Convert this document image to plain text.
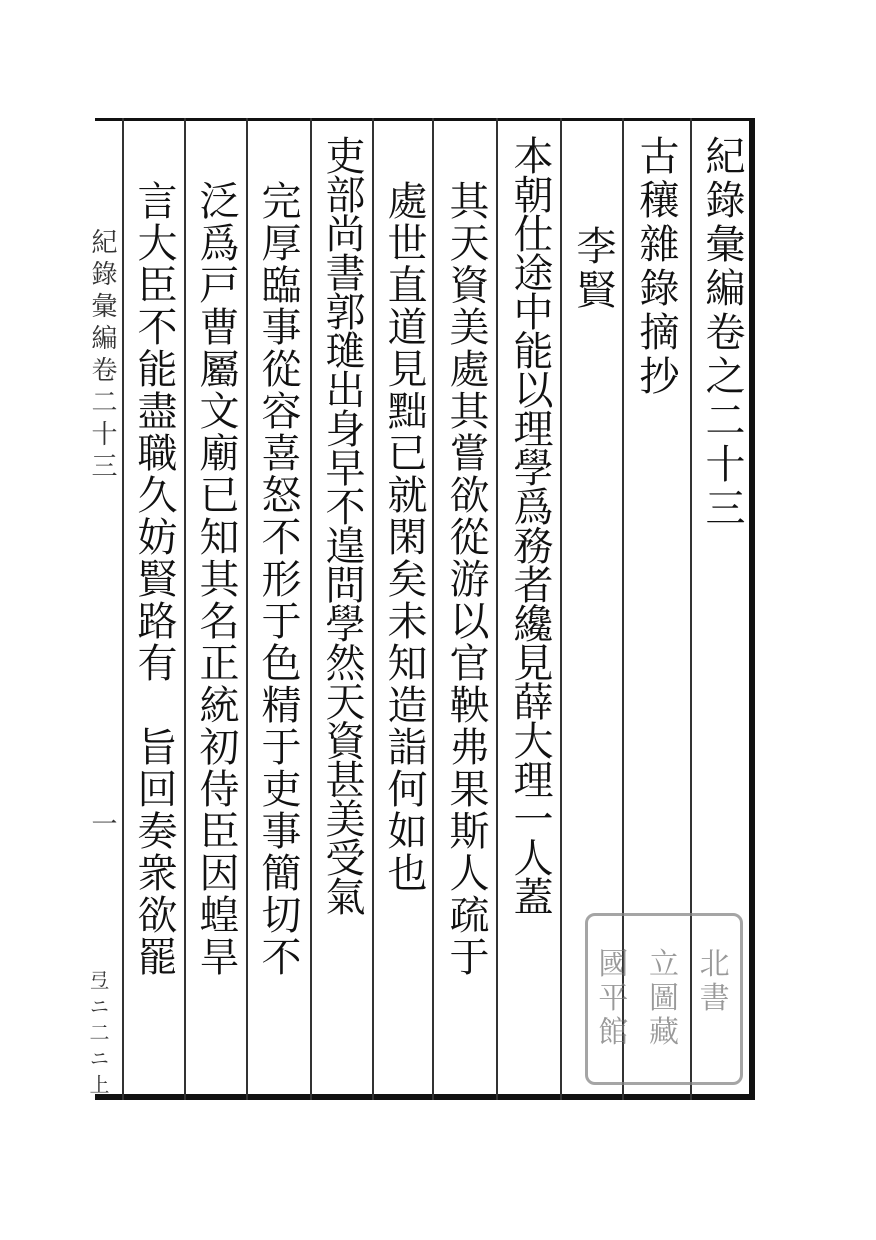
紀錄彙編卷之二十三
古穰雜錄摘抄
李賢
本朝仕途中能以理學爲務者纔見薛大理一人蓋
其天資美處其嘗欲從游以官鞅弗果斯人疏于
處世直道見黜已就閑矣未知造詣何如也
吏部尚書郭璡出身早不遑問學然天資甚美受氣
完厚臨事從容喜怒不形于色精于吏事簡切不
泛爲戸曹屬文廟已知其名正統初侍臣因蝗旱
言大臣不能盡職久妨賢路有　旨回奏衆欲罷
紀錄彙編卷二十三
一
弖ニ二ニ上
國 立 北
平 圖 書
館 藏
